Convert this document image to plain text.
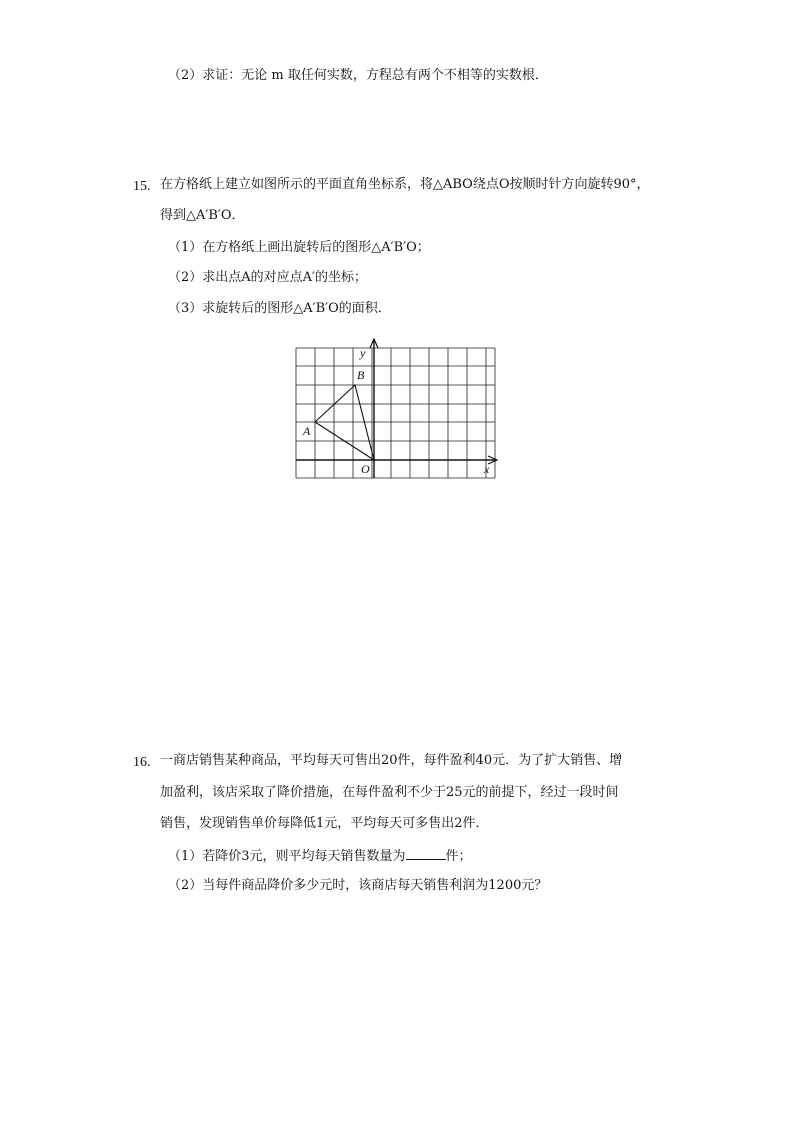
（2）求证：无论 m 取任何实数，方程总有两个不相等的实数根．
15. 在方格纸上建立如图所示的平面直角坐标系，将△ABO绕点O按顺时针方向旋转90°，
得到△A′B′O．
（1）在方格纸上画出旋转后的图形△A′B′O；
（2）求出点A的对应点A′的坐标；
（3）求旋转后的图形△A′B′O的面积．
y
x
O
A
B
16. 一商店销售某种商品，平均每天可售出20件，每件盈利40元．为了扩大销售、增
加盈利，该店采取了降价措施，在每件盈利不少于25元的前提下，经过一段时间
销售，发现销售单价每降低1元，平均每天可多售出2件．
（1）若降价3元，则平均每天销售数量为	件；
（2）当每件商品降价多少元时，该商店每天销售利润为1200元？
